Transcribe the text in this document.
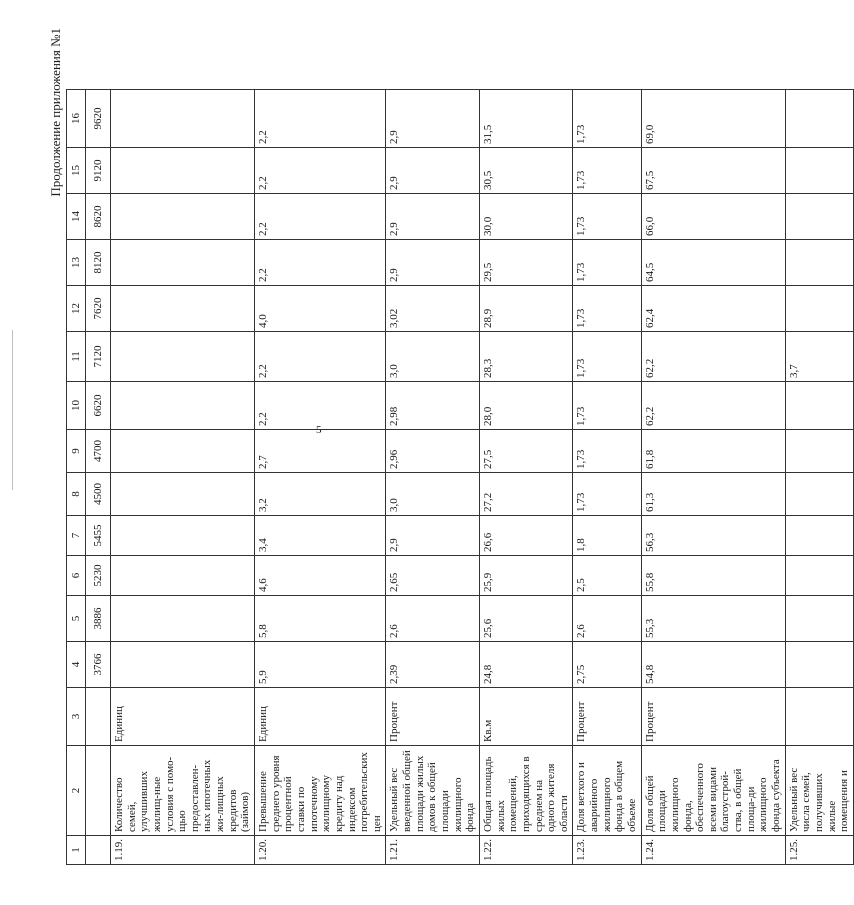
5
Продолжение приложения №1
1	2	3	4	5	6	7	8	9	10	11	12	13	14	15	16
			3766	3886	5230	5455	4500	4700	6620	7120	7620	8120	8620	9120	9620
1.19.	Количество семей, улучшивших жилищ-ные условия с помо-щью предоставлен-ных ипотечных жи-лищных кредитов (займов)	Единиц													
1.20.	Превышение среднего уровня процентной ставки по ипотечному жилищному кредиту над индексом потребительских цен	Единиц	5,9	5,8	4,6	3,4	3,2	2,7	2,2	2,2	4,0	2,2	2,2	2,2	2,2
1.21.	Удельный вес введенной общей площади жилых домов к общей площади жилищного фонда	Процент	2,39	2,6	2,65	2,9	3,0	2,96	2,98	3,0	3,02	2,9	2,9	2,9	2,9
1.22.	Общая площадь жилых помещений, приходящихся в среднем на одного жителя области	Кв.м	24,8	25,6	25,9	26,6	27,2	27,5	28,0	28,3	28,9	29,5	30,0	30,5	31,5
1.23.	Доля ветхого и аварийного жилищного фонда в общем объеме	Процент	2,75	2,6	2,5	1,8	1,73	1,73	1,73	1,73	1,73	1,73	1,73	1,73	1,73
1.24.	Доля общей площади жилищного фонда, обеспеченного всеми видами благоустрой-ства, в общей площа-ди жилищного фонда субъекта	Процент	54,8	55,3	55,8	56,3	61,3	61,8	62,2	62,2	62,4	64,5	66,0	67,5	69,0
1.25.	Удельный вес числа семей, получивших жилые помещения и									3,7					
